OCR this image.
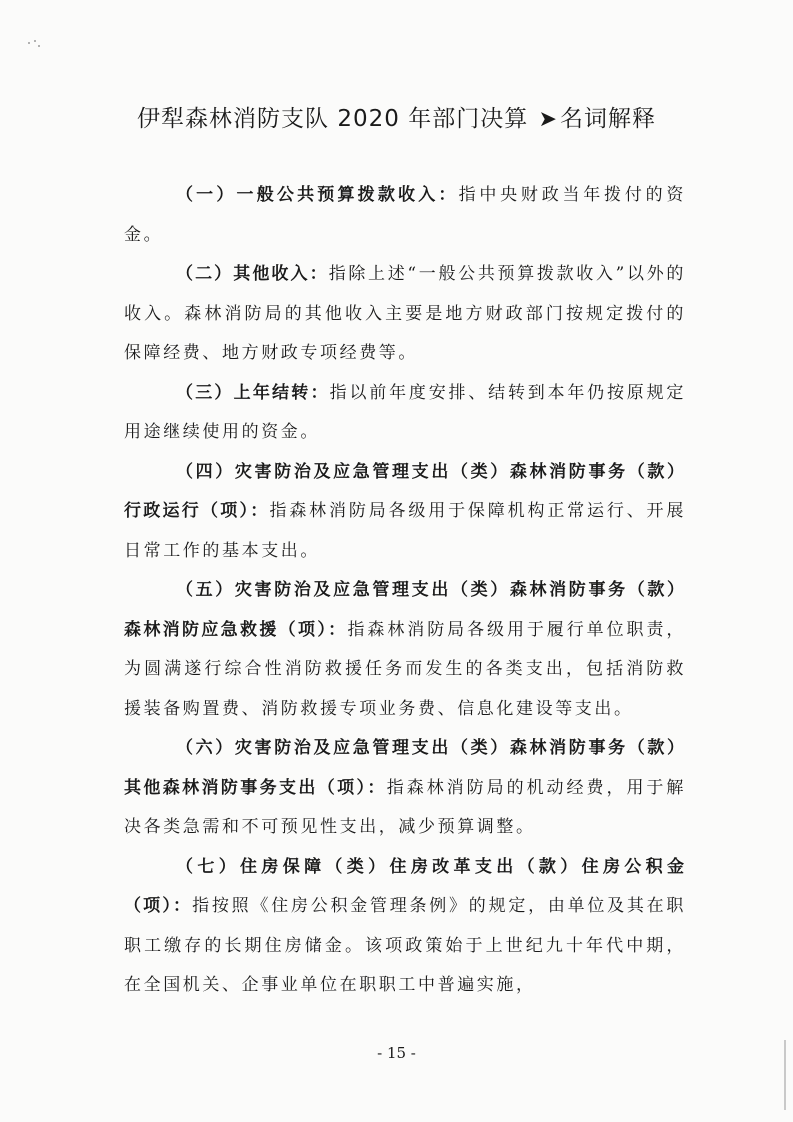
伊犁森林消防支队 2020 年部门决算 ➤名词解释

（一）一般公共预算拨款收入：指中央财政当年拨付的资金。

（二）其他收入：指除上述“一般公共预算拨款收入”以外的收入。森林消防局的其他收入主要是地方财政部门按规定拨付的保障经费、地方财政专项经费等。

（三）上年结转：指以前年度安排、结转到本年仍按原规定用途继续使用的资金。

（四）灾害防治及应急管理支出（类）森林消防事务（款）行政运行（项）：指森林消防局各级用于保障机构正常运行、开展日常工作的基本支出。

（五）灾害防治及应急管理支出（类）森林消防事务（款）森林消防应急救援（项）：指森林消防局各级用于履行单位职责，为圆满遂行综合性消防救援任务而发生的各类支出，包括消防救援装备购置费、消防救援专项业务费、信息化建设等支出。

（六）灾害防治及应急管理支出（类）森林消防事务（款）其他森林消防事务支出（项）：指森林消防局的机动经费，用于解决各类急需和不可预见性支出，减少预算调整。

（七）住房保障（类）住房改革支出（款）住房公积金（项）：指按照《住房公积金管理条例》的规定，由单位及其在职职工缴存的长期住房储金。该项政策始于上世纪九十年代中期，在全国机关、企事业单位在职职工中普遍实施，

- 15 -
